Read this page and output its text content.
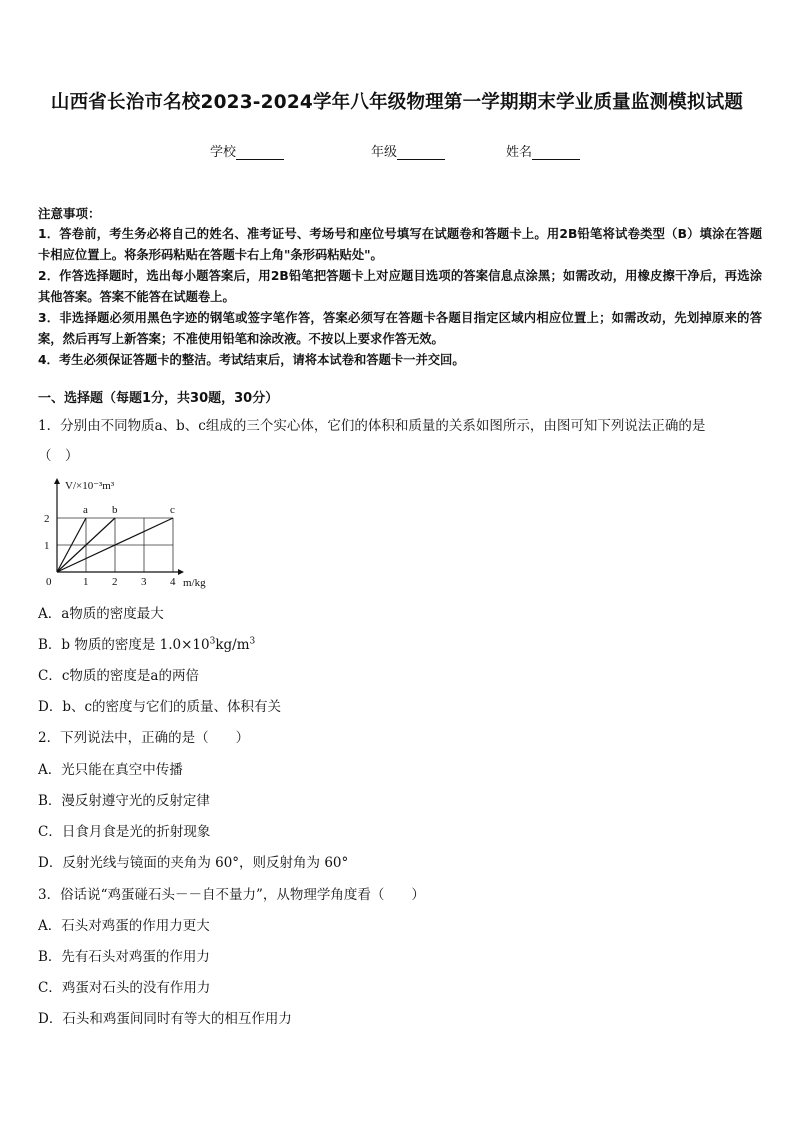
山西省长治市名校2023-2024学年八年级物理第一学期期末学业质量监测模拟试题
学校	年级	姓名
注意事项：

1．答卷前，考生务必将自己的姓名、准考证号、考场号和座位号填写在试题卷和答题卡上。用2B铅笔将试卷类型（B）填涂在答题卡相应位置上。将条形码粘贴在答题卡右上角"条形码粘贴处"。

2．作答选择题时，选出每小题答案后，用2B铅笔把答题卡上对应题目选项的答案信息点涂黑；如需改动，用橡皮擦干净后，再选涂其他答案。答案不能答在试题卷上。

3．非选择题必须用黑色字迹的钢笔或签字笔作答，答案必须写在答题卡各题目指定区域内相应位置上；如需改动，先划掉原来的答案，然后再写上新答案；不准使用铅笔和涂改液。不按以上要求作答无效。

4．考生必须保证答题卡的整洁。考试结束后，请将本试卷和答题卡一并交回。

一、选择题（每题1分，共30题，30分）
1．分别由不同物质a、b、c组成的三个实心体，它们的体积和质量的关系如图所示，由图可知下列说法正确的是
（　）
a b	c
1 2 3 4
1
2
0
V/×10⁻³m³
m/kg
A．a物质的密度最大
B．b 物质的密度是 $1.0\times 10^3kg/m^3$
C．c物质的密度是a的两倍
D．b、c的密度与它们的质量、体积有关
2．下列说法中，正确的是（　　）
A．光只能在真空中传播
B．漫反射遵守光的反射定律
C．日食月食是光的折射现象
D．反射光线与镜面的夹角为 60°，则反射角为 60°
3．俗话说“鸡蛋碰石头－－自不量力”，从物理学角度看（　　）
A．石头对鸡蛋的作用力更大
B．先有石头对鸡蛋的作用力
C．鸡蛋对石头的没有作用力
D．石头和鸡蛋间同时有等大的相互作用力
